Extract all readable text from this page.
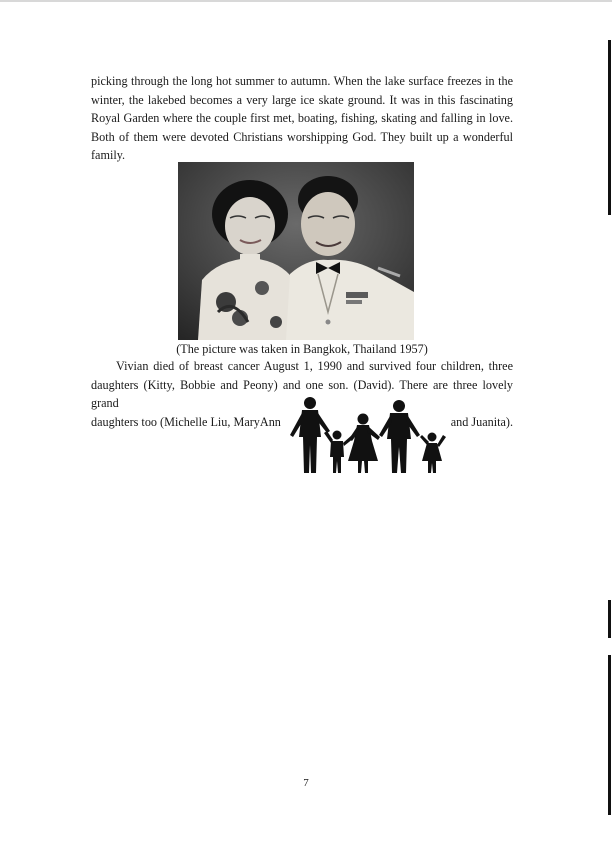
picking through the long hot summer to autumn. When the lake surface freezes in the winter, the lakebed becomes a very large ice skate ground. It was in this fascinating Royal Garden where the couple first met, boating, fishing, skating and falling in love. Both of them were devoted Christians worshipping God. They built up a wonderful family.

(The picture was taken in Bangkok, Thailand 1957)

Vivian died of breast cancer August 1, 1990 and survived four children, three daughters (Kitty, Bobbie and Peony) and one son. (David). There are three lovely grand
daughters too (Michelle Liu, MaryAnn	and Juanita).
7
